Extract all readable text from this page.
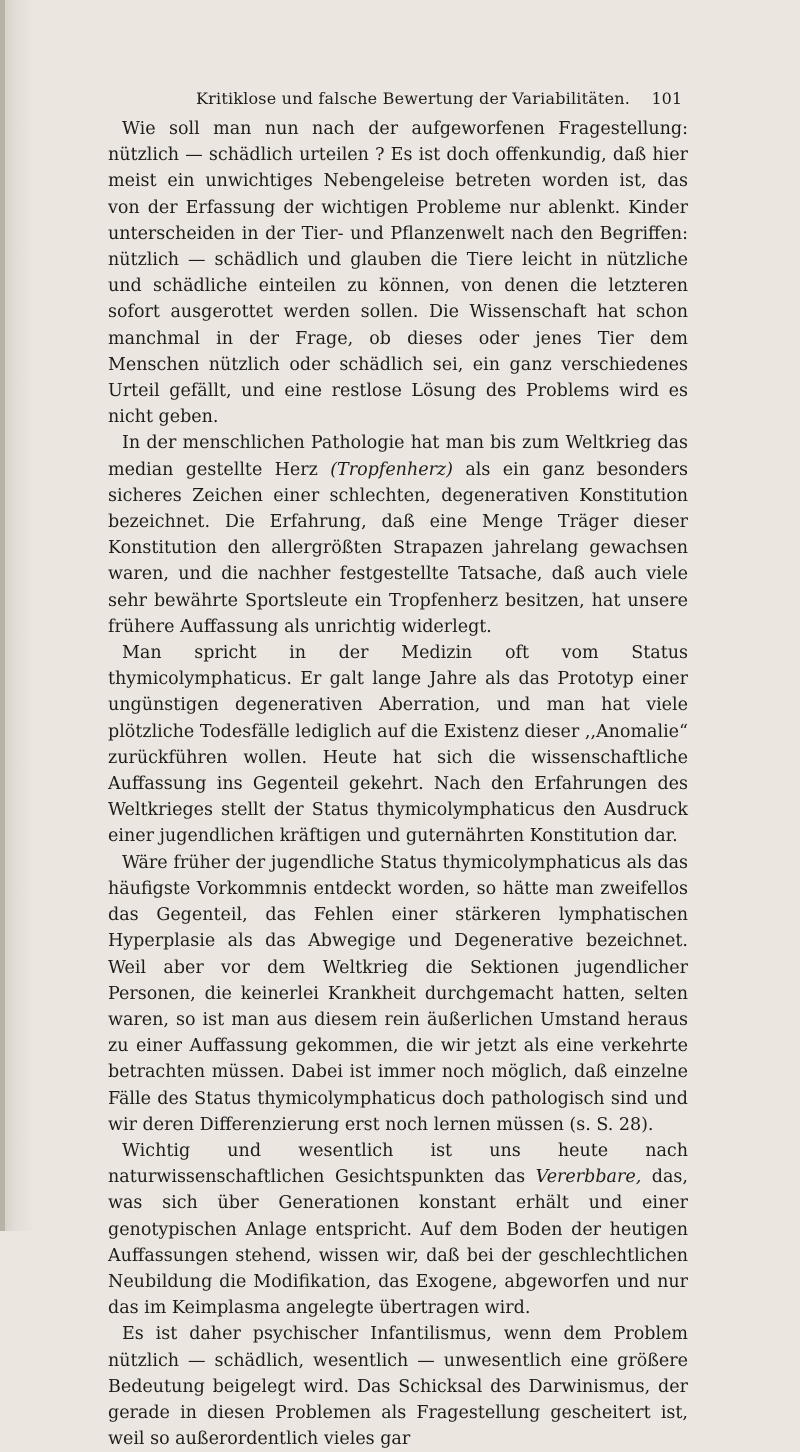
Kritiklose und falsche Bewertung der Variabilitäten. 101

Wie soll man nun nach der aufgeworfenen Fragestellung: nützlich — schädlich urteilen ? Es ist doch offenkundig, daß hier meist ein unwichtiges Nebengeleise betreten worden ist, das von der Erfassung der wichtigen Probleme nur ablenkt. Kinder unterscheiden in der Tier- und Pflanzenwelt nach den Begriffen: nützlich — schädlich und glauben die Tiere leicht in nützliche und schädliche einteilen zu können, von denen die letzteren sofort ausgerottet werden sollen. Die Wissenschaft hat schon manchmal in der Frage, ob dieses oder jenes Tier dem Menschen nützlich oder schädlich sei, ein ganz verschiedenes Urteil gefällt, und eine restlose Lösung des Problems wird es nicht geben.

In der menschlichen Pathologie hat man bis zum Weltkrieg das median gestellte Herz (Tropfenherz) als ein ganz besonders sicheres Zeichen einer schlechten, degenerativen Konstitution bezeichnet. Die Erfahrung, daß eine Menge Träger dieser Konstitution den allergrößten Strapazen jahrelang gewachsen waren, und die nachher festgestellte Tatsache, daß auch viele sehr bewährte Sportsleute ein Tropfenherz besitzen, hat unsere frühere Auffassung als unrichtig widerlegt.

Man spricht in der Medizin oft vom Status thymicolymphaticus. Er galt lange Jahre als das Prototyp einer ungünstigen degenerativen Aberration, und man hat viele plötzliche Todesfälle lediglich auf die Existenz dieser ,,Anomalie“ zurückführen wollen. Heute hat sich die wissenschaftliche Auffassung ins Gegenteil gekehrt. Nach den Erfahrungen des Weltkrieges stellt der Status thymicolymphaticus den Ausdruck einer jugendlichen kräftigen und guternährten Konstitution dar.

Wäre früher der jugendliche Status thymicolymphaticus als das häufigste Vorkommnis entdeckt worden, so hätte man zweifellos das Gegenteil, das Fehlen einer stärkeren lymphatischen Hyperplasie als das Abwegige und Degenerative bezeichnet. Weil aber vor dem Weltkrieg die Sektionen jugendlicher Personen, die keinerlei Krankheit durchgemacht hatten, selten waren, so ist man aus diesem rein äußerlichen Umstand heraus zu einer Auffassung gekommen, die wir jetzt als eine verkehrte betrachten müssen. Dabei ist immer noch möglich, daß einzelne Fälle des Status thymicolymphaticus doch pathologisch sind und wir deren Differenzierung erst noch lernen müssen (s. S. 28).

Wichtig und wesentlich ist uns heute nach naturwissenschaftlichen Gesichtspunkten das Vererbbare, das, was sich über Generationen konstant erhält und einer genotypischen Anlage entspricht. Auf dem Boden der heutigen Auffassungen stehend, wissen wir, daß bei der geschlechtlichen Neubildung die Modifikation, das Exogene, abgeworfen und nur das im Keimplasma angelegte übertragen wird.

Es ist daher psychischer Infantilismus, wenn dem Problem nützlich — schädlich, wesentlich — unwesentlich eine größere Bedeutung beigelegt wird. Das Schicksal des Darwinismus, der gerade in diesen Problemen als Fragestellung gescheitert ist, weil so außerordentlich vieles gar
